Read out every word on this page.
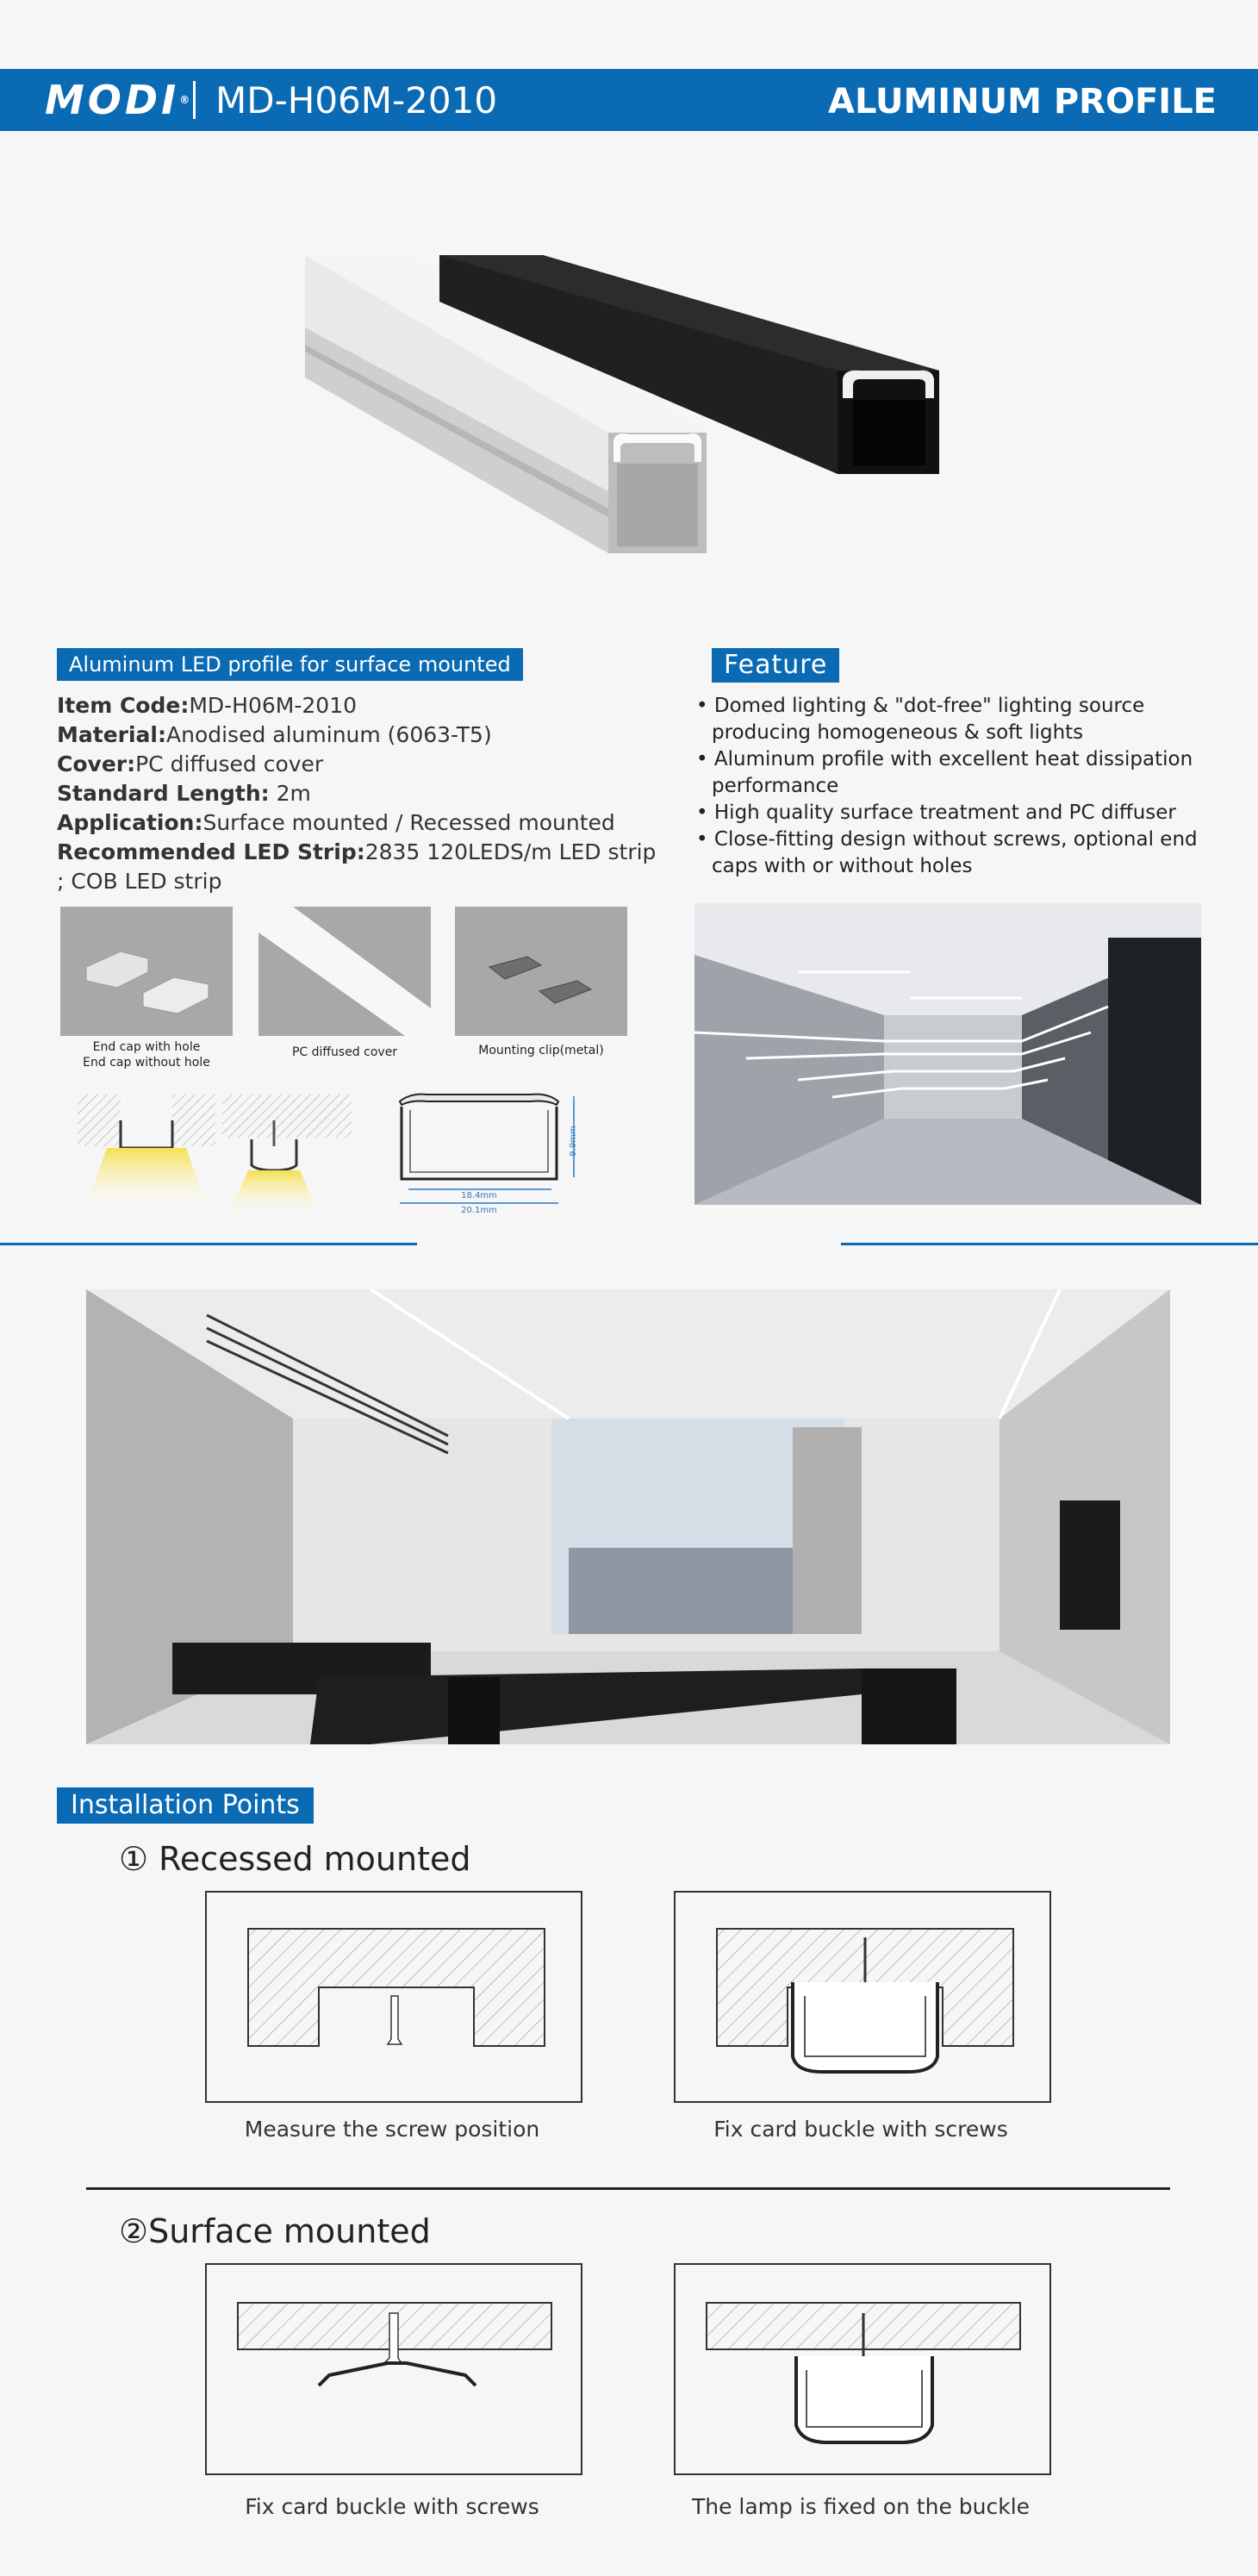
MODI® MD-H06M-2010	ALUMINUM PROFILE
Aluminum LED profile for surface mounted
Item Code:MD-H06M-2010
Material:Anodised aluminum (6063-T5)
Cover:PC diffused cover
Standard Length: 2m
Application:Surface mounted / Recessed mounted
Recommended LED Strip:2835 120LEDS/m LED strip ; COB LED strip
Feature
• Domed lighting & "dot-free" lighting source producing homogeneous & soft lights
• Aluminum profile with excellent heat dissipation performance
• High quality surface treatment and PC diffuser
• Close-fitting design without screws, optional end caps with or without holes
End cap with hole
End cap without hole
PC diffused cover	Mounting clip(metal)
9.9mm
18.4mm
20.1mm
Installation Points
① Recessed mounted
Measure the screw position	Fix card buckle with screws
②Surface mounted
Fix card buckle with screws	The lamp is fixed on the buckle
